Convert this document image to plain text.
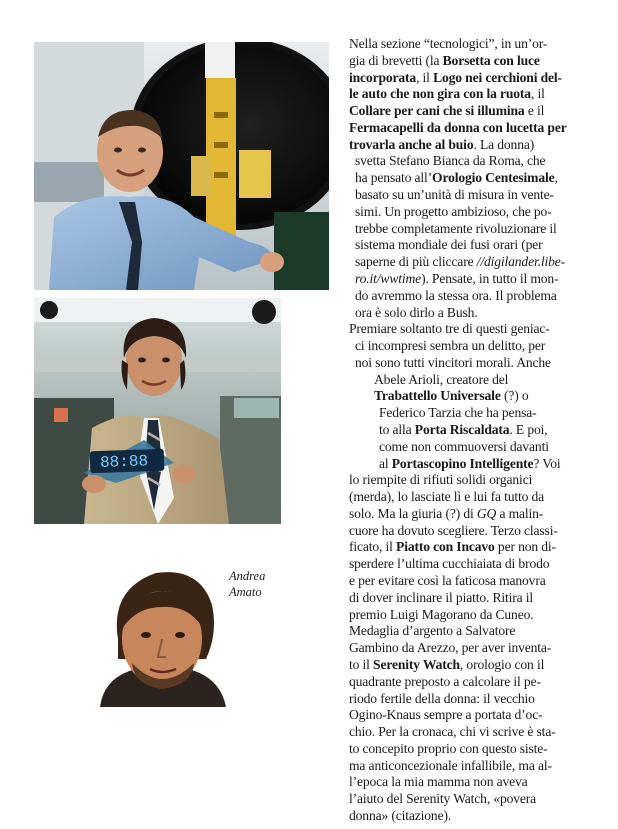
88:88
Andrea
Amato
Nella sezione “tecnologici”, in un’or-
gia di brevetti (la Borsetta con luce
incorporata, il Logo nei cerchioni del-
le auto che non gira con la ruota, il
Collare per cani che si illumina e il
Fermacapelli da donna con lucetta per
trovarla anche al buio. La donna)
svetta Stefano Bianca da Roma, che
ha pensato all’Orologio Centesimale,
basato su un’unità di misura in vente-
simi. Un progetto ambizioso, che po-
trebbe completamente rivoluzionare il
sistema mondiale dei fusi orari (per
saperne di più cliccare //digilander.libe-
ro.it/wwtime). Pensate, in tutto il mon-
do avremmo la stessa ora. Il problema
ora è solo dirlo a Bush.
Premiare soltanto tre di questi geniac-
ci incompresi sembra un delitto, per
noi sono tutti vincitori morali. Anche
Abele Arioli, creatore del
Trabattello Universale (?) o
Federico Tarzia che ha pensa-
to alla Porta Riscaldata. E poi,
come non commuoversi davanti
al Portascopino Intelligente? Voi
lo riempite di rifiuti solidi organici
(merda), lo lasciate lì e lui fa tutto da
solo. Ma la giuria (?) di GQ a malin-
cuore ha dovuto scegliere. Terzo classi-
ficato, il Piatto con Incavo per non di-
sperdere l’ultima cucchiaiata di brodo
e per evitare così la faticosa manovra
di dover inclinare il piatto. Ritira il
premio Luigi Magorano da Cuneo.
Medaglia d’argento a Salvatore
Gambino da Arezzo, per aver inventa-
to il Serenity Watch, orologio con il
quadrante preposto a calcolare il pe-
riodo fertile della donna: il vecchio
Ogino-Knaus sempre a portata d’oc-
chio. Per la cronaca, chi vi scrive è sta-
to concepito proprio con questo siste-
ma anticoncezionale infallibile, ma al-
l’epoca la mia mamma non aveva
l’aiuto del Serenity Watch, «povera
donna» (citazione).
